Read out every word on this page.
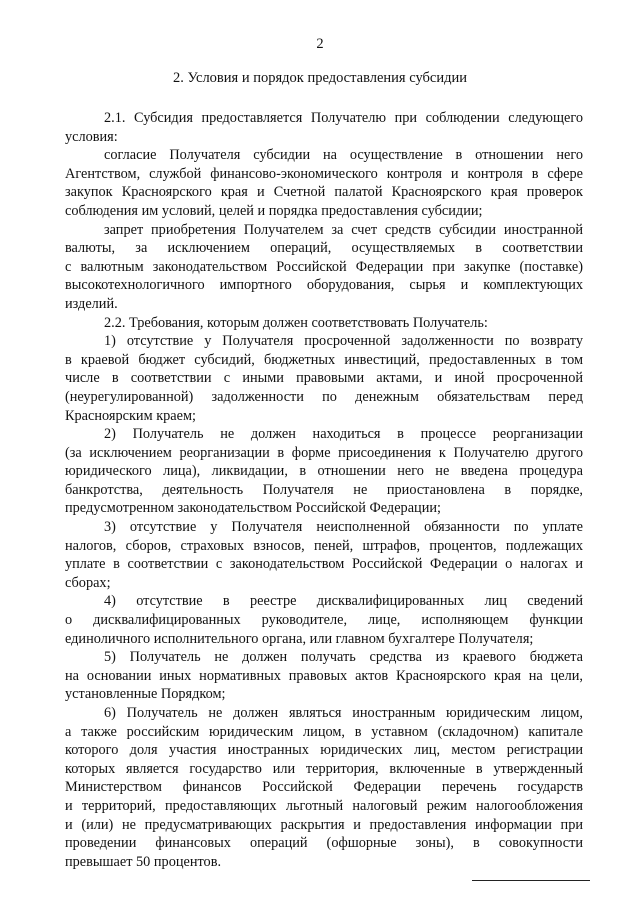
2
2. Условия и порядок предоставления субсидии
2.1. Субсидия предоставляется Получателю при соблюдении следующего
условия:
согласие Получателя субсидии на осуществление в отношении него
Агентством, службой финансово-экономического контроля и контроля в сфере
закупок Красноярского края и Счетной палатой Красноярского края проверок
соблюдения им условий, целей и порядка предоставления субсидии;
запрет приобретения Получателем за счет средств субсидии иностранной
валюты, за исключением операций, осуществляемых в соответствии
с валютным законодательством Российской Федерации при закупке (поставке)
высокотехнологичного импортного оборудования, сырья и комплектующих
изделий.
2.2. Требования, которым должен соответствовать Получатель:
1) отсутствие у Получателя просроченной задолженности по возврату
в краевой бюджет субсидий, бюджетных инвестиций, предоставленных в том
числе в соответствии с иными правовыми актами, и иной просроченной
(неурегулированной) задолженности по денежным обязательствам перед
Красноярским краем;
2) Получатель не должен находиться в процессе реорганизации
(за исключением реорганизации в форме присоединения к Получателю другого
юридического лица), ликвидации, в отношении него не введена процедура
банкротства, деятельность Получателя не приостановлена в порядке,
предусмотренном законодательством Российской Федерации;
3) отсутствие у Получателя неисполненной обязанности по уплате
налогов, сборов, страховых взносов, пеней, штрафов, процентов, подлежащих
уплате в соответствии с законодательством Российской Федерации о налогах и
сборах;
4) отсутствие в реестре дисквалифицированных лиц сведений
о дисквалифицированных руководителе, лице, исполняющем функции
единоличного исполнительного органа, или главном бухгалтере Получателя;
5) Получатель не должен получать средства из краевого бюджета
на основании иных нормативных правовых актов Красноярского края на цели,
установленные Порядком;
6) Получатель не должен являться иностранным юридическим лицом,
а также российским юридическим лицом, в уставном (складочном) капитале
которого доля участия иностранных юридических лиц, местом регистрации
которых является государство или территория, включенные в утвержденный
Министерством финансов Российской Федерации перечень государств
и территорий, предоставляющих льготный налоговый режим налогообложения
и (или) не предусматривающих раскрытия и предоставления информации при
проведении финансовых операций (офшорные зоны), в совокупности
превышает 50 процентов.
